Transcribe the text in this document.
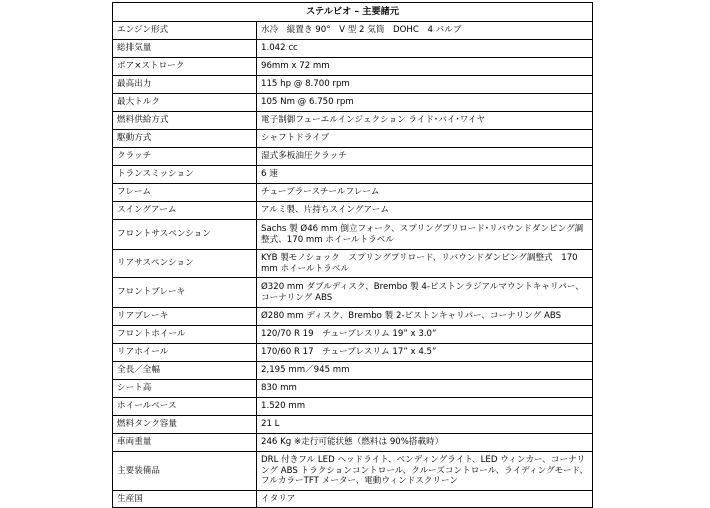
ステルビオ – 主要諸元	
エンジン形式	水冷　縦置き 90°　V 型 2 気筒　DOHC　4 バルブ
総排気量	1.042 cc
ボア×ストローク	96mm x 72 mm
最高出力	115 hp @ 8.700 rpm
最大トルク	105 Nm @ 6.750 rpm
燃料供給方式	電子制御フューエルインジェクション ライド･バイ･ワイヤ
駆動方式	シャフトドライブ
クラッチ	湿式多板油圧クラッチ
トランスミッション	6 速
フレーム	チューブラースチールフレーム
スイングアーム	アルミ製、片持ちスイングアーム
フロントサスペンション	Sachs 製 Ø46 mm 倒立フォーク、スプリングプリロード･リバウンドダンピング調整式、170 mm ホイールトラベル
リアサスペンション	KYB 製モノショック　スプリングプリロード、リバウンドダンピング調整式　170 mm ホイールトラベル
フロントブレーキ	Ø320 mm ダブルディスク、Brembo 製 4-ピストンラジアルマウントキャリパー、コーナリング ABS
リアブレーキ	Ø280 mm ディスク、Brembo 製 2-ピストンキャリパー、コーナリング ABS
フロントホイール	120/70 R 19　チューブレスリム 19” x 3.0”
リアホイール	170/60 R 17　チューブレスリム 17” x 4.5”
全長／全幅	2,195 mm／945 mm
シート高	830 mm
ホイールベース	1.520 mm
燃料タンク容量	21 L
車両重量	246 Kg ※走行可能状態（燃料は 90%搭載時）
主要装備品	DRL 付きフル LED ヘッドライト、ベンディングライト、LED ウィンカー、コーナリング ABS トラクションコントロール、クルーズコントロール、ライディングモード、フルカラーTFT メーター、電動ウィンドスクリーン
生産国	イタリア
